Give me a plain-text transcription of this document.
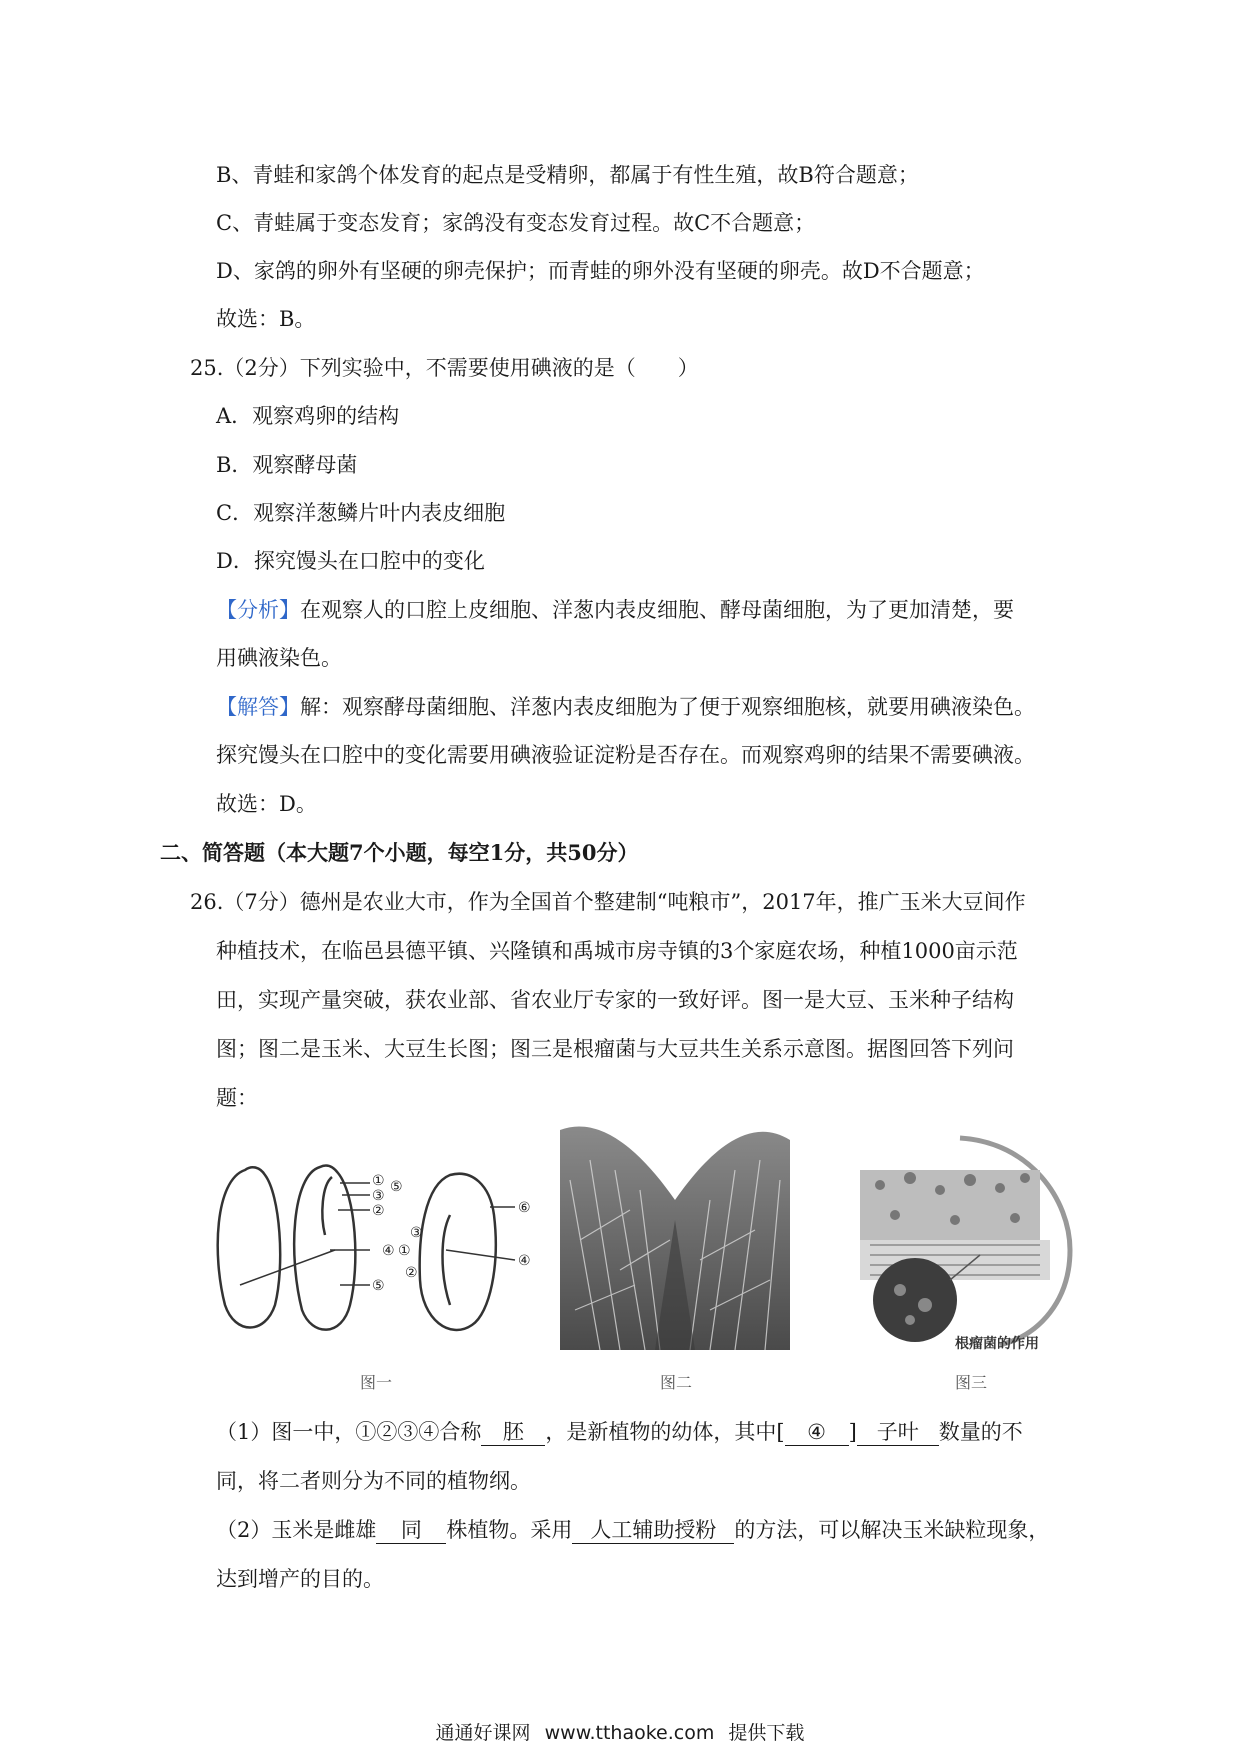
B、青蛙和家鸽个体发育的起点是受精卵，都属于有性生殖，故B符合题意；
C、青蛙属于变态发育；家鸽没有变态发育过程。故C不合题意；
D、家鸽的卵外有坚硬的卵壳保护；而青蛙的卵外没有坚硬的卵壳。故D不合题意；
故选：B。
25.（2分）下列实验中，不需要使用碘液的是（　　）
A．观察鸡卵的结构
B．观察酵母菌
C．观察洋葱鳞片叶内表皮细胞
D．探究馒头在口腔中的变化
【分析】在观察人的口腔上皮细胞、洋葱内表皮细胞、酵母菌细胞，为了更加清楚，要
用碘液染色。
【解答】解：观察酵母菌细胞、洋葱内表皮细胞为了便于观察细胞核，就要用碘液染色。
探究馒头在口腔中的变化需要用碘液验证淀粉是否存在。而观察鸡卵的结果不需要碘液。
故选：D。
二、简答题（本大题7个小题，每空1分，共50分）
26.（7分）德州是农业大市，作为全国首个整建制“吨粮市”，2017年，推广玉米大豆间作
种植技术，在临邑县德平镇、兴隆镇和禹城市房寺镇的3个家庭农场，种植1000亩示范
田，实现产量突破，获农业部、省农业厅专家的一致好评。图一是大豆、玉米种子结构
图；图二是玉米、大豆生长图；图三是根瘤菌与大豆共生关系示意图。据图回答下列问
题：
① ⑤
③
②	⑥
③
④ ①
④
②
⑤
图一	图二
根瘤菌的作用
图三
（1）图一中，①②③④合称 胚 ，是新植物的幼体，其中[ ④ ] 子叶 数量的不
同，将二者则分为不同的植物纲。
（2）玉米是雌雄 同 株植物。采用 人工辅助授粉 的方法，可以解决玉米缺粒现象，
达到增产的目的。
通通好课网 www.tthaoke.com 提供下载
